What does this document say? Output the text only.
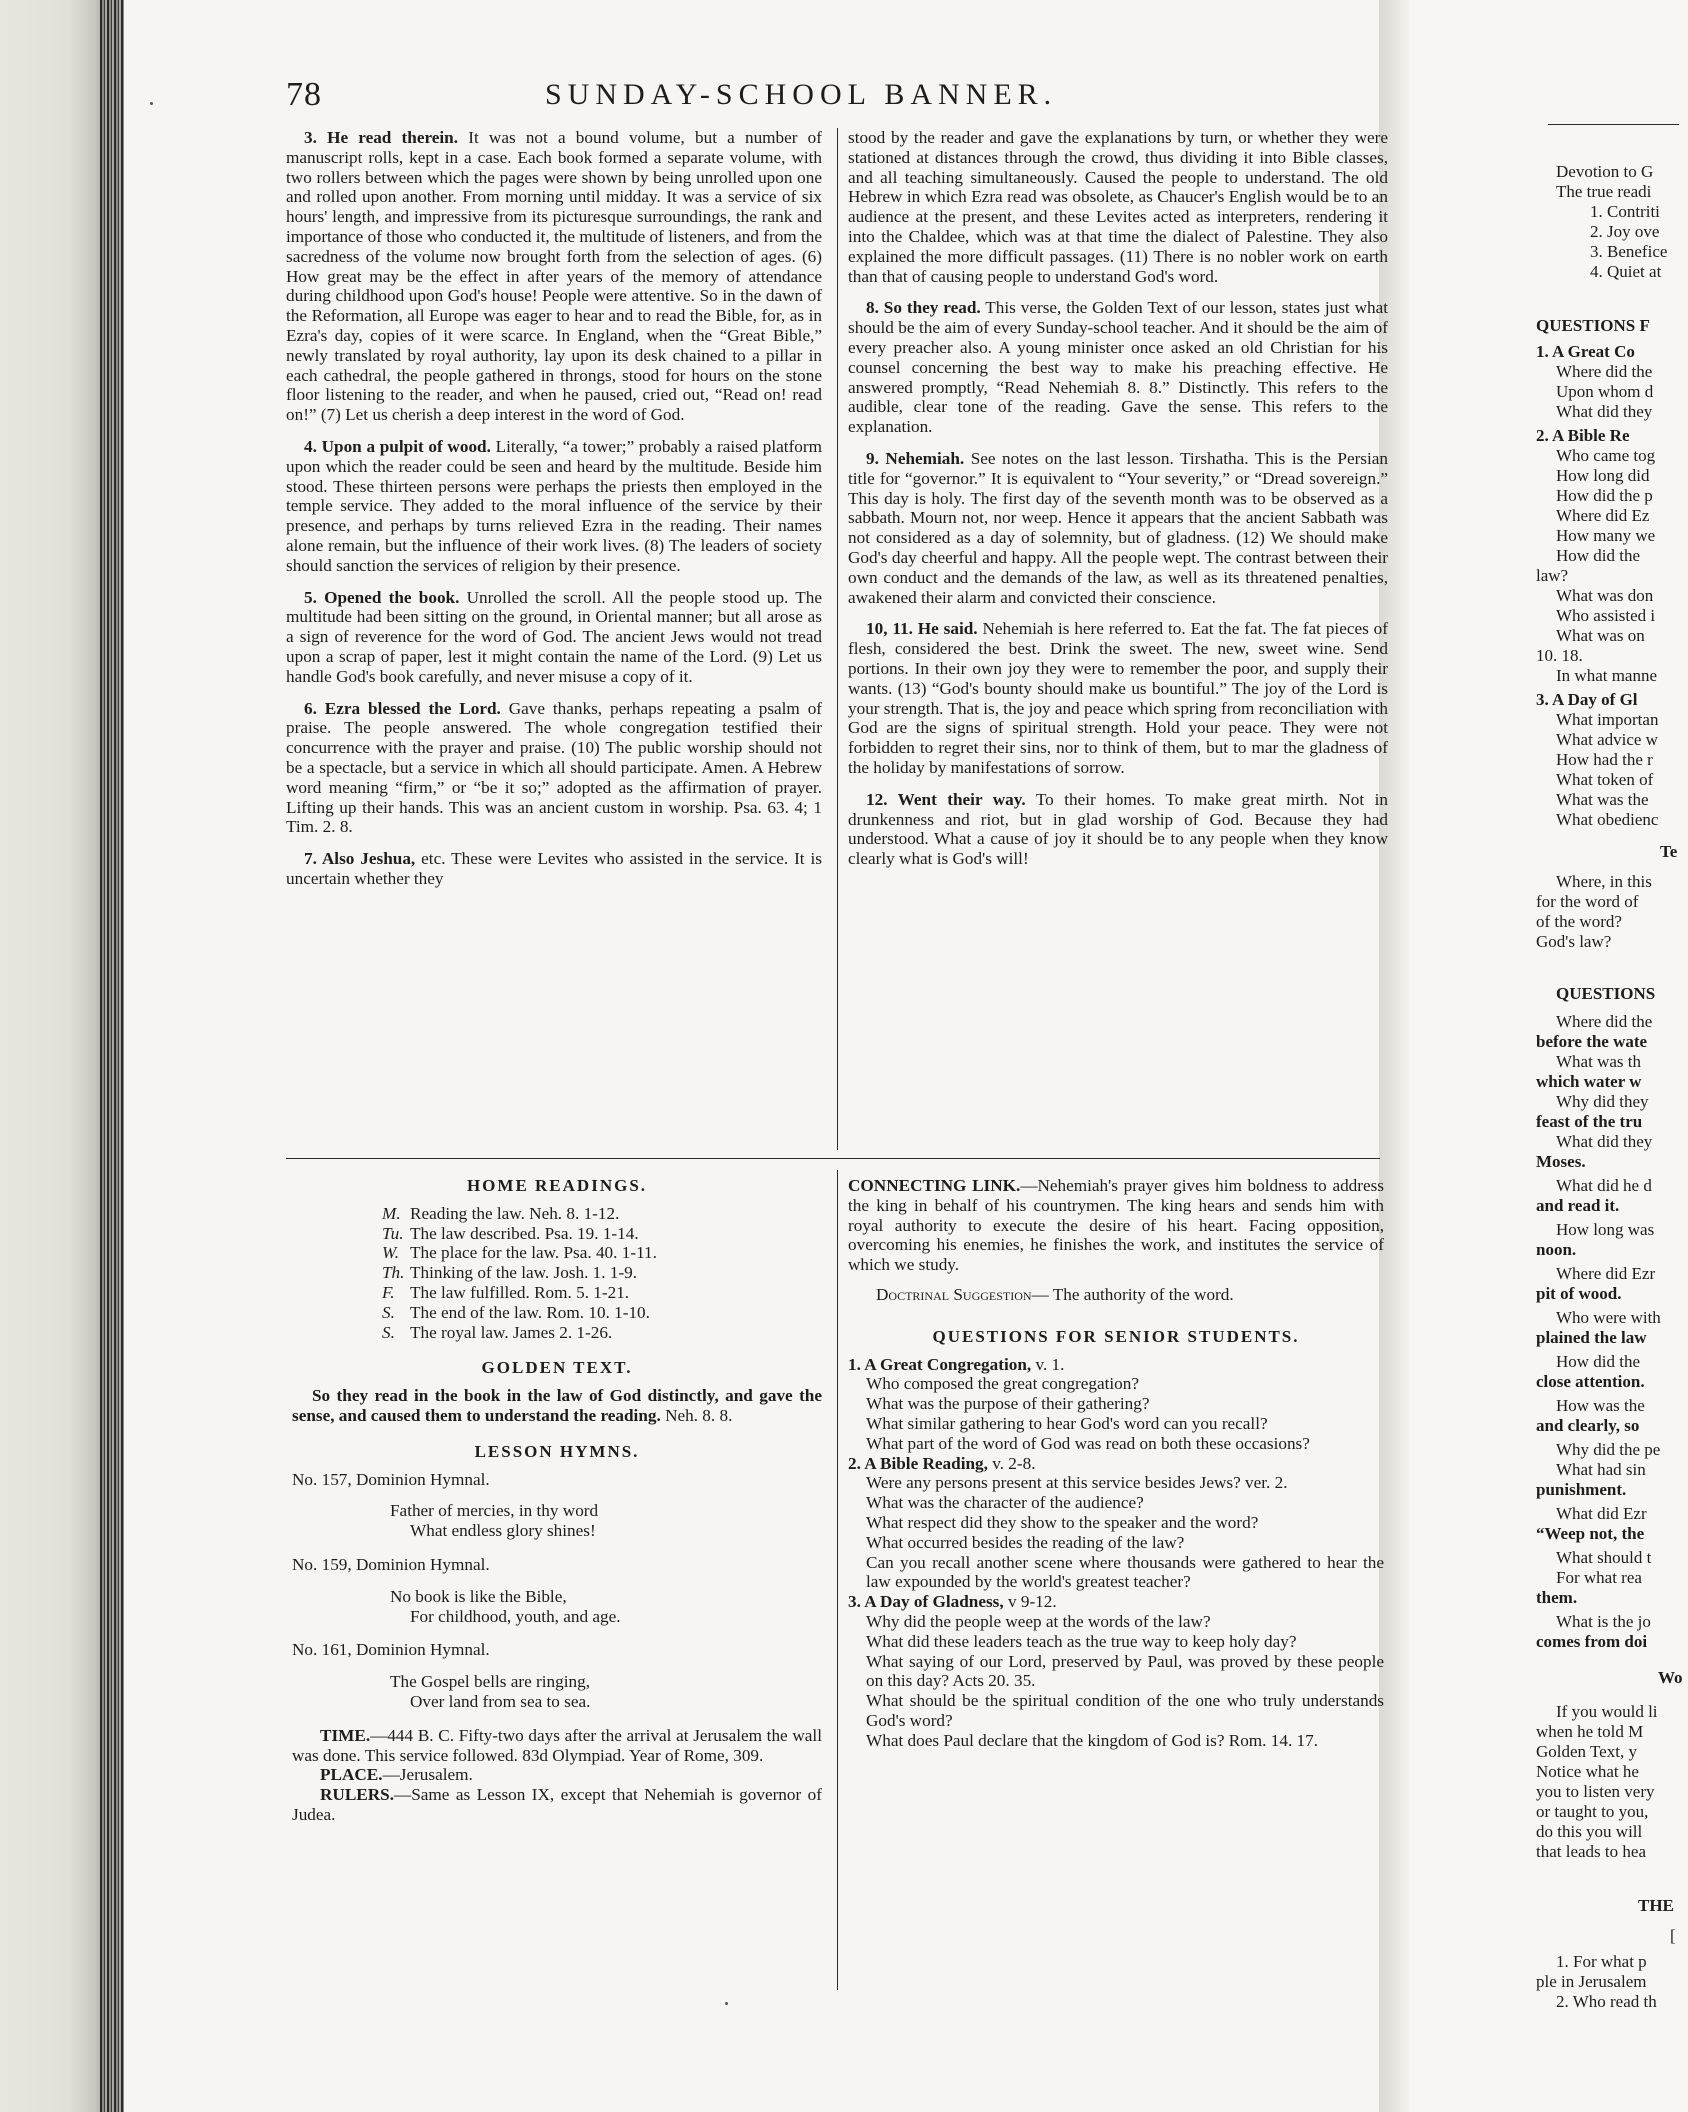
78	SUNDAY-SCHOOL BANNER.

3. He read therein. It was not a bound volume, but a number of manuscript rolls, kept in a case. Each book formed a separate volume, with two rollers between which the pages were shown by being unrolled upon one and rolled upon another. From morning until midday. It was a service of six hours' length, and impressive from its picturesque surroundings, the rank and importance of those who conducted it, the multitude of listeners, and from the sacredness of the volume now brought forth from the selection of ages. (6) How great may be the effect in after years of the memory of attendance during childhood upon God's house! People were attentive. So in the dawn of the Reformation, all Europe was eager to hear and to read the Bible, for, as in Ezra's day, copies of it were scarce. In England, when the “Great Bible,” newly translated by royal authority, lay upon its desk chained to a pillar in each cathedral, the people gathered in throngs, stood for hours on the stone floor listening to the reader, and when he paused, cried out, “Read on! read on!” (7) Let us cherish a deep interest in the word of God.

4. Upon a pulpit of wood. Literally, “a tower;” probably a raised platform upon which the reader could be seen and heard by the multitude. Beside him stood. These thirteen persons were perhaps the priests then employed in the temple service. They added to the moral influence of the service by their presence, and perhaps by turns relieved Ezra in the reading. Their names alone remain, but the influence of their work lives. (8) The leaders of society should sanction the services of religion by their presence.

5. Opened the book. Unrolled the scroll. All the people stood up. The multitude had been sitting on the ground, in Oriental manner; but all arose as a sign of reverence for the word of God. The ancient Jews would not tread upon a scrap of paper, lest it might contain the name of the Lord. (9) Let us handle God's book carefully, and never misuse a copy of it.

6. Ezra blessed the Lord. Gave thanks, perhaps repeating a psalm of praise. The people answered. The whole congregation testified their concurrence with the prayer and praise. (10) The public worship should not be a spectacle, but a service in which all should participate. Amen. A Hebrew word meaning “firm,” or “be it so;” adopted as the affirmation of prayer. Lifting up their hands. This was an ancient custom in worship. Psa. 63. 4; 1 Tim. 2. 8.

7. Also Jeshua, etc. These were Levites who assisted in the service. It is uncertain whether they

stood by the reader and gave the explanations by turn, or whether they were stationed at distances through the crowd, thus dividing it into Bible classes, and all teaching simultaneously. Caused the people to understand. The old Hebrew in which Ezra read was obsolete, as Chaucer's English would be to an audience at the present, and these Levites acted as interpreters, rendering it into the Chaldee, which was at that time the dialect of Palestine. They also explained the more difficult passages. (11) There is no nobler work on earth than that of causing people to understand God's word.

8. So they read. This verse, the Golden Text of our lesson, states just what should be the aim of every Sunday-school teacher. And it should be the aim of every preacher also. A young minister once asked an old Christian for his counsel concerning the best way to make his preaching effective. He answered promptly, “Read Nehemiah 8. 8.” Distinctly. This refers to the audible, clear tone of the reading. Gave the sense. This refers to the explanation.

9. Nehemiah. See notes on the last lesson. Tirshatha. This is the Persian title for “governor.” It is equivalent to “Your severity,” or “Dread sovereign.” This day is holy. The first day of the seventh month was to be observed as a sabbath. Mourn not, nor weep. Hence it appears that the ancient Sabbath was not considered as a day of solemnity, but of gladness. (12) We should make God's day cheerful and happy. All the people wept. The contrast between their own conduct and the demands of the law, as well as its threatened penalties, awakened their alarm and convicted their conscience.

10, 11. He said. Nehemiah is here referred to. Eat the fat. The fat pieces of flesh, considered the best. Drink the sweet. The new, sweet wine. Send portions. In their own joy they were to remember the poor, and supply their wants. (13) “God's bounty should make us bountiful.” The joy of the Lord is your strength. That is, the joy and peace which spring from reconciliation with God are the signs of spiritual strength. Hold your peace. They were not forbidden to regret their sins, nor to think of them, but to mar the gladness of the holiday by manifestations of sorrow.

12. Went their way. To their homes. To make great mirth. Not in drunkenness and riot, but in glad worship of God. Because they had understood. What a cause of joy it should be to any people when they know clearly what is God's will!

HOME READINGS.
M. Reading the law. Neh. 8. 1-12.
Tu. The law described. Psa. 19. 1-14.
W. The place for the law. Psa. 40. 1-11.
Th. Thinking of the law. Josh. 1. 1-9.
F. The law fulfilled. Rom. 5. 1-21.
S. The end of the law. Rom. 10. 1-10.
S. The royal law. James 2. 1-26.
GOLDEN TEXT.
So they read in the book in the law of God distinctly, and gave the sense, and caused them to understand the reading. Neh. 8. 8.
LESSON HYMNS.
No. 157, Dominion Hymnal.
Father of mercies, in thy word
What endless glory shines!
No. 159, Dominion Hymnal.
No book is like the Bible,
For childhood, youth, and age.
No. 161, Dominion Hymnal.
The Gospel bells are ringing,
Over land from sea to sea.
TIME.—444 B. C. Fifty-two days after the arrival at Jerusalem the wall was done. This service followed. 83d Olympiad. Year of Rome, 309.
PLACE.—Jerusalem.
RULERS.—Same as Lesson IX, except that Nehemiah is governor of Judea.
CONNECTING LINK.—Nehemiah's prayer gives him boldness to address the king in behalf of his countrymen. The king hears and sends him with royal authority to execute the desire of his heart. Facing opposition, overcoming his enemies, he finishes the work, and institutes the service of which we study.
Doctrinal Suggestion— The authority of the word.
QUESTIONS FOR SENIOR STUDENTS.
1. A Great Congregation, v. 1.
Who composed the great congregation?
What was the purpose of their gathering?
What similar gathering to hear God's word can you recall?
What part of the word of God was read on both these occasions?
2. A Bible Reading, v. 2-8.
Were any persons present at this service besides Jews? ver. 2.
What was the character of the audience?
What respect did they show to the speaker and the word?
What occurred besides the reading of the law?
Can you recall another scene where thousands were gathered to hear the law expounded by the world's greatest teacher?
3. A Day of Gladness, v 9-12.
Why did the people weep at the words of the law?
What did these leaders teach as the true way to keep holy day?
What saying of our Lord, preserved by Paul, was proved by these people on this day? Acts 20. 35.
What should be the spiritual condition of the one who truly understands God's word?
What does Paul declare that the kingdom of God is? Rom. 14. 17.
Devotion to G
The true readi
1. Contriti
2. Joy ove
3. Benefice
4. Quiet at
QUESTIONS F
1. A Great Co
Where did the
Upon whom d
What did they
2. A Bible Re
Who came tog
How long did
How did the p
Where did Ez
How many we
How did the
law?
What was don
Who assisted i
What was on
10. 18.
In what manne
3. A Day of Gl
What importan
What advice w
How had the r
What token of
What was the
What obedienc
Te
Where, in this
for the word of
of the word?
God's law?
QUESTIONS
Where did the
before the wate
What was th
which water w
Why did they
feast of the tru
What did they
Moses.
What did he d
and read it.
How long was
noon.
Where did Ezr
pit of wood.
Who were with
plained the law
How did the
close attention.
How was the
and clearly, so
Why did the pe
What had sin
punishment.
What did Ezr
“Weep not, the
What should t
For what rea
them.
What is the jo
comes from doi
Wo
If you would li
when he told M
Golden Text, y
Notice what he
you to listen very
or taught to you,
do this you will
that leads to hea
THE
[
1. For what p
ple in Jerusalem
2. Who read th
